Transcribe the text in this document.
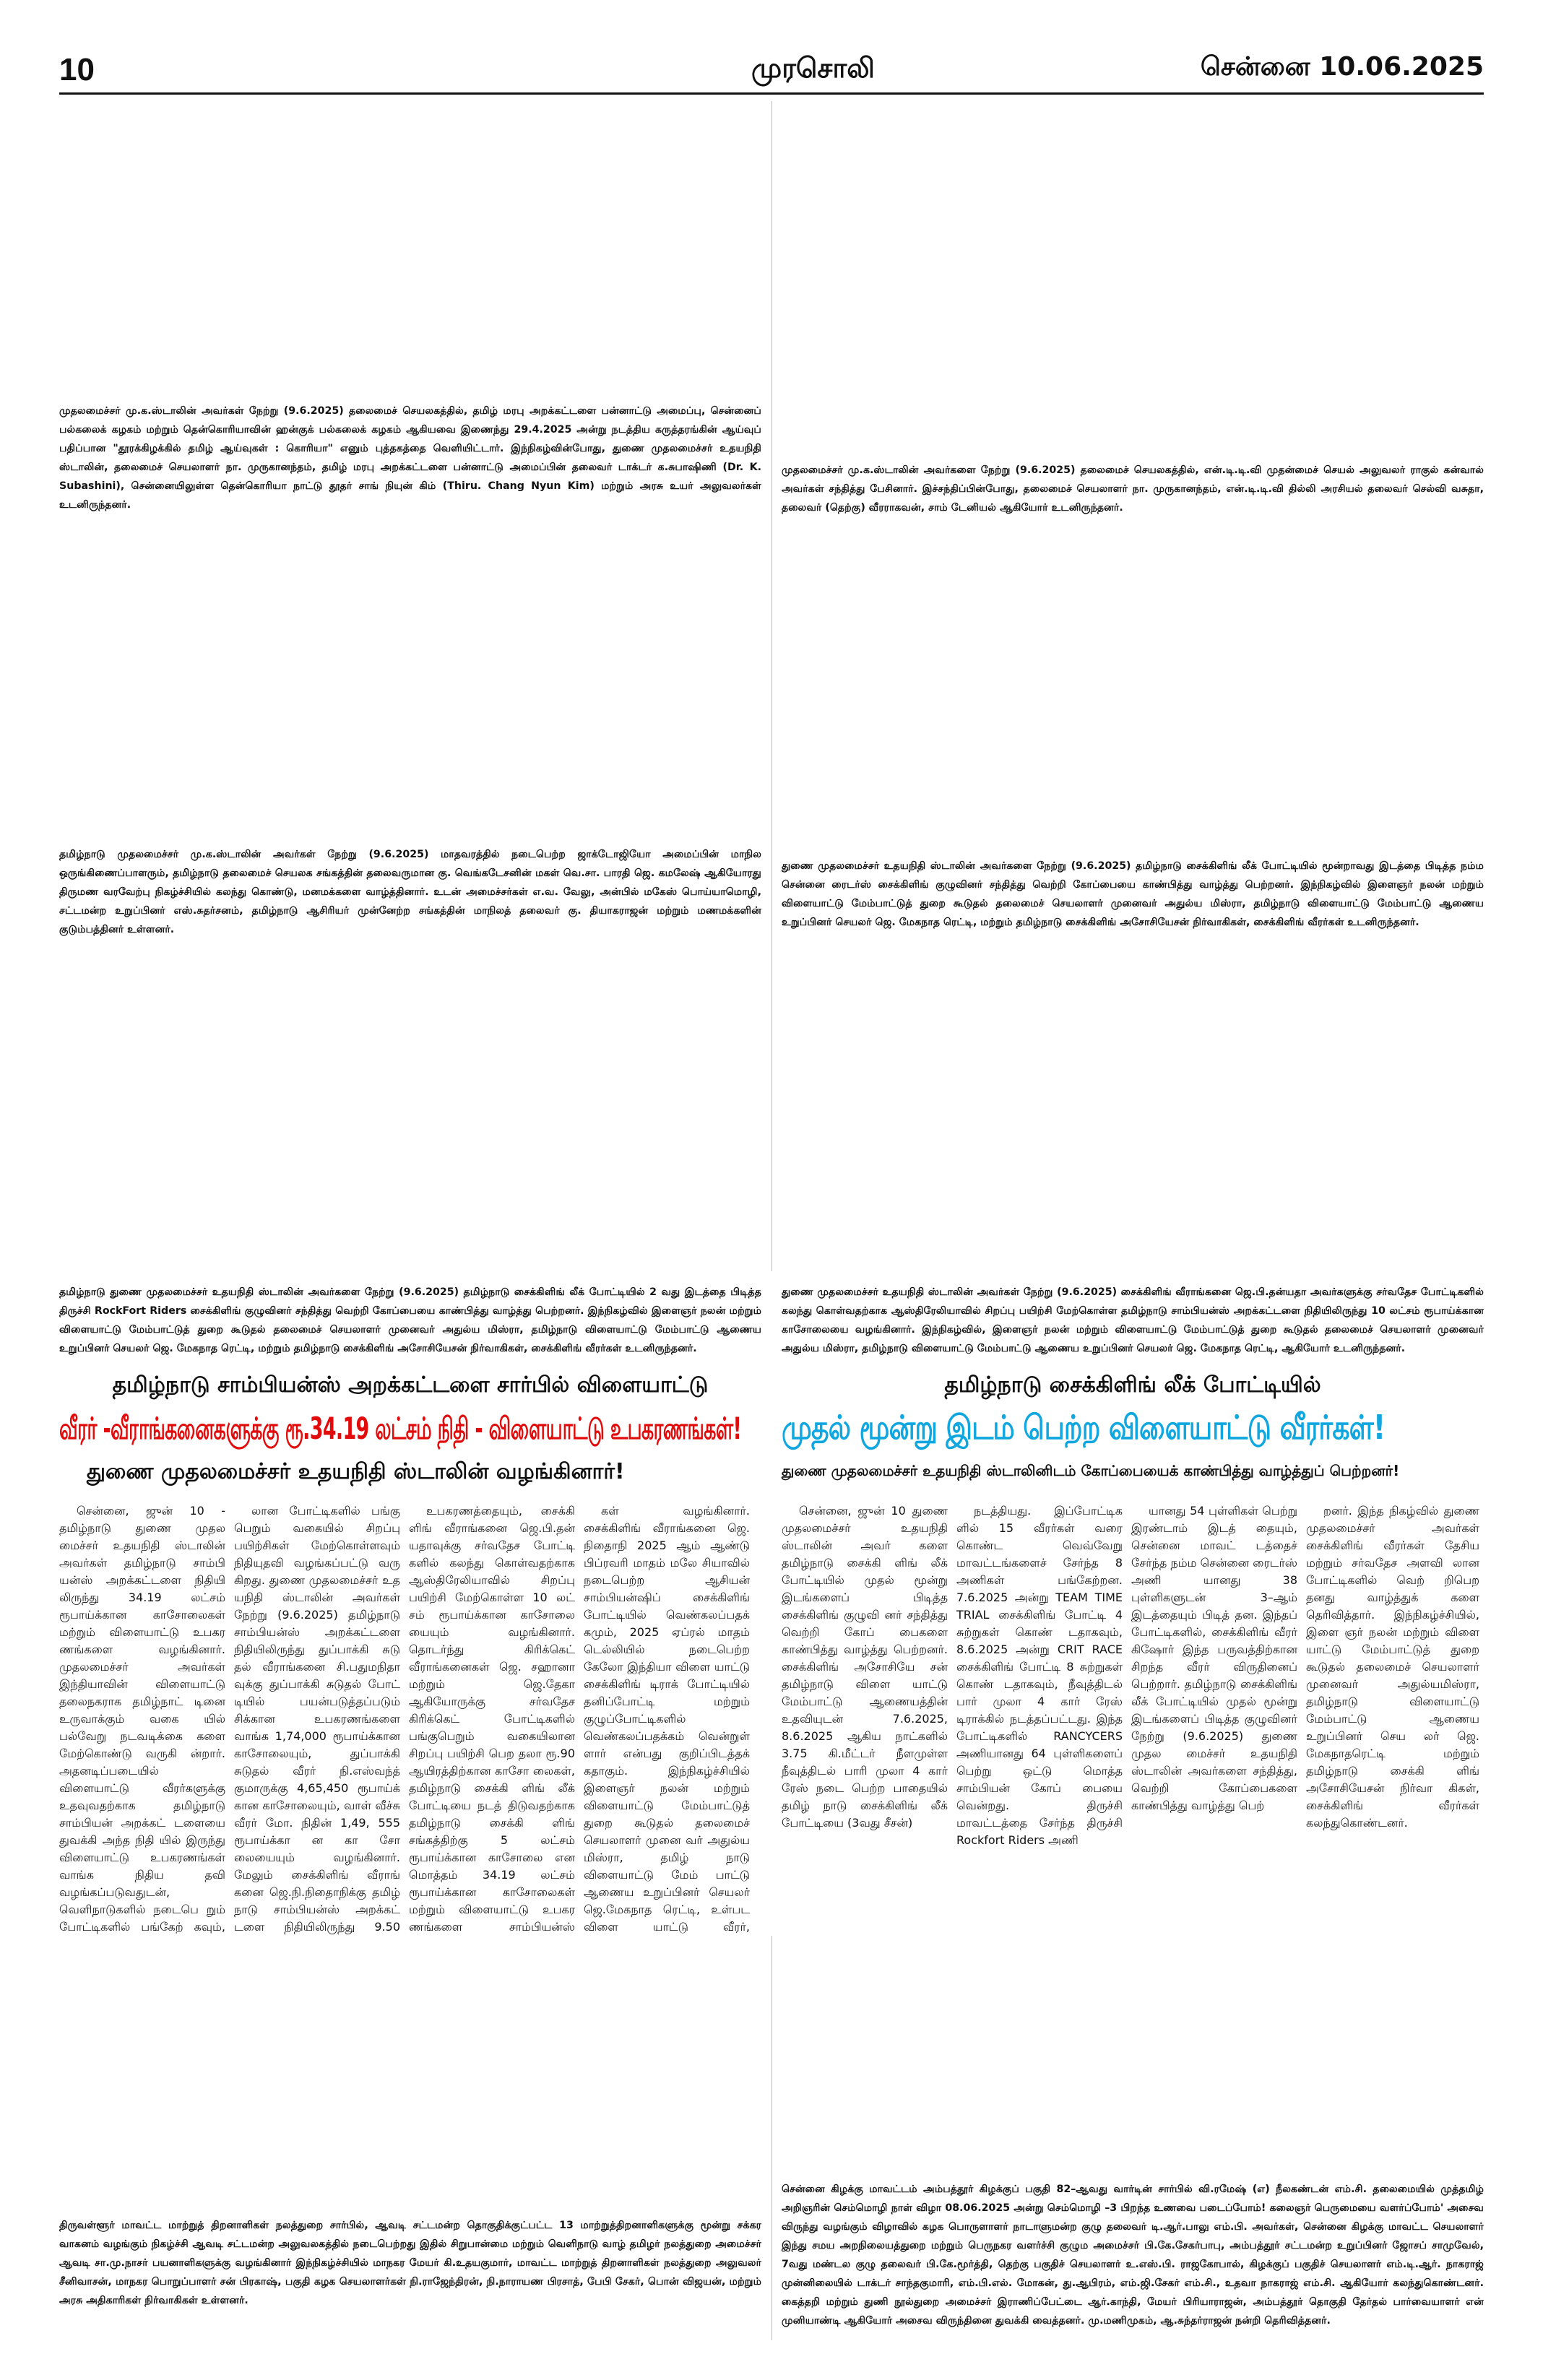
10	முரசொலி	சென்னை 10.06.2025
முதலமைச்சர் மு.க.ஸ்டாலின் அவர்கள் நேற்று (9.6.2025) தலைமைச் செயலகத்தில், தமிழ் மரபு அறக்கட்டளை பன்னாட்டு அமைப்பு, சென்னைப் பல்கலைக் கழகம் மற்றும் தென்கொரியாவின் ஹன்குக் பல்கலைக் கழகம் ஆகியவை இணைந்து 29.4.2025 அன்று நடத்திய கருத்தரங்கின் ஆய்வுப் பதிப்பான "தூரக்கிழக்கில் தமிழ் ஆய்வுகள் : கொரியா" எனும் புத்தகத்தை வெளியிட்டார். இந்நிகழ்வின்போது, துணை முதலமைச்சர் உதயநிதி ஸ்டாலின், தலைமைச் செயலாளர் நா. முருகானந்தம், தமிழ் மரபு அறக்கட்டளை பன்னாட்டு அமைப்பின் தலைவர் டாக்டர் க.சுபாஷிணி (Dr. K. Subashini), சென்னையிலுள்ள தென்கொரியா நாட்டு தூதர் சாங் நியுன் கிம் (Thiru. Chang Nyun Kim) மற்றும் அரசு உயர் அலுவலர்கள் உடனிருந்தனர்.
முதலமைச்சர் மு.க.ஸ்டாலின் அவர்களை நேற்று (9.6.2025) தலைமைச் செயலகத்தில், என்.டி.டி.வி முதன்மைச் செயல் அலுவலர் ராகுல் கன்வால் அவர்கள் சந்தித்து பேசினார். இச்சந்திப்பின்போது, தலைமைச் செயலாளர் நா. முருகானந்தம், என்.டி.டி.வி தில்லி அரசியல் தலைவர் செல்வி வசுதா, தலைவர் (தெற்கு) வீரராகவன், சாம் டேனியல் ஆகியோர் உடனிருந்தனர்.
தமிழ்நாடு முதலமைச்சர் மு.க.ஸ்டாலின் அவர்கள் நேற்று (9.6.2025) மாதவரத்தில் நடைபெற்ற ஜாக்டோஜியோ அமைப்பின் மாநில ஒருங்கிணைப்பாளரும், தமிழ்நாடு தலைமைச் செயலக சங்கத்தின் தலைவருமான கு. வெங்கடேசனின் மகள் வெ.சா. பாரதி ஜெ. கமலேஷ் ஆகியோரது திருமண வரவேற்பு நிகழ்ச்சியில் கலந்து கொண்டு, மனமக்களை வாழ்த்தினார். உடன் அமைச்சர்கள் எ.வ. வேலு, அன்பில் மகேஸ் பொய்யாமொழி, சட்டமன்ற உறுப்பினர் எஸ்.சுதர்சனம், தமிழ்நாடு ஆசிரியர் முன்னேற்ற சங்கத்தின் மாநிலத் தலைவர் கு. தியாகராஜன் மற்றும் மணமக்களின் குடும்பத்தினர் உள்ளனர்.
துணை முதலமைச்சர் உதயநிதி ஸ்டாலின் அவர்களை நேற்று (9.6.2025) தமிழ்நாடு சைக்கிளிங் லீக் போட்டியில் மூன்றாவது இடத்தை பிடித்த நம்ம சென்னை ரைடர்ஸ் சைக்கிளிங் குழுவினர் சந்தித்து வெற்றி கோப்பையை காண்பித்து வாழ்த்து பெற்றனர். இந்நிகழ்வில் இளைஞர் நலன் மற்றும் விளையாட்டு மேம்பாட்டுத் துறை கூடுதல் தலைமைச் செயலாளர் முனைவர் அதுல்ய மிஸ்ரா, தமிழ்நாடு விளையாட்டு மேம்பாட்டு ஆணைய உறுப்பினர் செயலர் ஜெ. மேகநாத ரெட்டி, மற்றும் தமிழ்நாடு சைக்கிளிங் அசோசியேசன் நிர்வாகிகள், சைக்கிளிங் வீரர்கள் உடனிருந்தனர்.
தமிழ்நாடு துணை முதலமைச்சர் உதயநிதி ஸ்டாலின் அவர்களை நேற்று (9.6.2025) தமிழ்நாடு சைக்கிளிங் லீக் போட்டியில் 2 வது இடத்தை பிடித்த திருச்சி RockFort Riders சைக்கிளிங் குழுவினர் சந்தித்து வெற்றி கோப்பையை காண்பித்து வாழ்த்து பெற்றனர். இந்நிகழ்வில் இளைஞர் நலன் மற்றும் விளையாட்டு மேம்பாட்டுத் துறை கூடுதல் தலைமைச் செயலாளர் முனைவர் அதுல்ய மிஸ்ரா, தமிழ்நாடு விளையாட்டு மேம்பாட்டு ஆணைய உறுப்பினர் செயலர் ஜெ. மேகநாத ரெட்டி, மற்றும் தமிழ்நாடு சைக்கிளிங் அசோசியேசன் நிர்வாகிகள், சைக்கிளிங் வீரர்கள் உடனிருந்தனர்.
துணை முதலமைச்சர் உதயநிதி ஸ்டாலின் அவர்கள் நேற்று (9.6.2025) சைக்கிளிங் வீராங்கனை ஜெ.பி.தன்யதா அவர்களுக்கு சர்வதேச போட்டிகளில் கலந்து கொள்வதற்காக ஆஸ்திரேலியாவில் சிறப்பு பயிற்சி மேற்கொள்ள தமிழ்நாடு சாம்பியன்ஸ் அறக்கட்டளை நிதியிலிருந்து 10 லட்சம் ரூபாய்க்கான காசோலையை வழங்கினார். இந்நிகழ்வில், இளைஞர் நலன் மற்றும் விளையாட்டு மேம்பாட்டுத் துறை கூடுதல் தலைமைச் செயலாளர் முனைவர் அதுல்ய மிஸ்ரா, தமிழ்நாடு விளையாட்டு மேம்பாட்டு ஆணைய உறுப்பினர் செயலர் ஜெ. மேகநாத ரெட்டி, ஆகியோர் உடனிருந்தனர்.
தமிழ்நாடு சாம்பியன்ஸ் அறக்கட்டளை சார்பில் விளையாட்டு
வீரர் -வீராங்கனைகளுக்கு ரூ.34.19 லட்சம் நிதி - விளையாட்டு உபகரணங்கள்!
துணை முதலமைச்சர் உதயநிதி ஸ்டாலின் வழங்கினார்!

சென்னை, ஜுன் 10 - தமிழ்நாடு துணை முதல மைச்சர் உதயநிதி ஸ்டாலின் அவர்கள் தமிழ்நாடு சாம்பி யன்ஸ் அறக்கட்டளை நிதியி லிருந்து 34.19 லட்சம் ரூபாய்க்கான காசோலைகள் மற்றும் விளையாட்டு உபகர ணங்களை வழங்கினார். முதலமைச்சர் அவர்கள் இந்தியாவின் விளையாட்டு தலைநகராக தமிழ்நாட் டினை உருவாக்கும் வகை யில் பல்வேறு நடவடிக்கை களை மேற்கொண்டு வருகி ன்றார். அதனடிப்படையில் விளையாட்டு வீரர்களுக்கு உதவுவதற்காக தமிழ்நாடு சாம்பியன் அறக்கட் டளையை துவக்கி அந்த நிதி யில் இருந்து விளையாட்டு உபகரணங்கள் வாங்க நிதிய தவி வழங்கப்படுவதுடன், வெளிநாடுகளில் நடைபெ றும் போட்டிகளில் பங்கேற் கவும்,

லான போட்டிகளில் பங்கு பெறும் வகையில் சிறப்பு பயிற்சிகள் மேற்கொள்ளவும் நிதியுதவி வழங்கப்பட்டு வரு கிறது. துணை முதலமைச்சர் உத யநிதி ஸ்டாலின் அவர்கள் நேற்று (9.6.2025) தமிழ்நாடு சாம்பியன்ஸ் அறக்கட்டளை நிதியிலிருந்து துப்பாக்கி சுடு தல் வீராங்கனை சி.பதுமநிதா வுக்கு துப்பாக்கி சுடுதல் போட் டியில் பயன்படுத்தப்படும் சிக்கான உபகரணங்களை வாங்க 1,74,000 ரூபாய்க்கான காசோலையும், துப்பாக்கி சுடுதல் வீரர் நி.எஸ்வந்த் குமாருக்கு 4,65,450 ரூபாய்க் கான காசோலையும், வாள் வீச்சு வீரர் மோ. நிதின் 1,49, 555 ரூபாய்க்கா ன கா சோ லையையும் வழங்கினார். மேலும் சைக்கிளிங் வீராங் கனை ஜெ.நி.நிதைாநிக்கு தமிழ் நாடு சாம்பியன்ஸ் அறக்கட் டளை நிதியிலிருந்து 9.50

உபகரணத்தையும், சைக்கி ளிங் வீராங்கனை ஜெ.பி.தன் யதாவுக்கு சர்வதேச போட்டி களில் கலந்து கொள்வதற்காக ஆஸ்திரேலியாவில் சிறப்பு பயிற்சி மேற்கொள்ள 10 லட் சம் ரூபாய்க்கான காசோலை யையும் வழங்கினார். தொடர்ந்து கிரிக்கெட் வீராங்கனைகள் ஜெ. சஹானா மற்றும் ஜெ.தேகா ஆகியோருக்கு சர்வதேச கிரிக்கெட் போட்டிகளில் பங்குபெறும் வகையிலான சிறப்பு பயிற்சி பெற தலா ரூ.90 ஆயிரத்திற்கான காசோ லைகள், தமிழ்நாடு சைக்கி ளிங் லீக் போட்டியை நடத் திடுவதற்காக தமிழ்நாடு சைக்கி ளிங் சங்கத்திற்கு 5 லட்சம் ரூபாய்க்கான காசோலை என மொத்தம் 34.19 லட்சம் ரூபாய்க்கான காசோலைகள் மற்றும் விளையாட்டு உபகர ணங்களை சாம்பியன்ஸ்

கள் வழங்கினார். சைக்கிளிங் வீராங்கனை ஜெ. நிதைாநி 2025 ஆம் ஆண்டு பிப்ரவரி மாதம் மலே சியாவில் நடைபெற்ற ஆசியன் சாம்பியன்ஷிப் சைக்கிளிங் போட்டியில் வெண்கலப்பதக் கமும், 2025 ஏப்ரல் மாதம் டெல்லியில் நடைபெற்ற கேலோ இந்தியா விளை யாட்டு சைக்கிளிங் டிராக் போட்டியில் தனிப்போட்டி மற்றும் குழுப்போட்டிகளில் வெண்கலப்பதக்கம் வென்றுள் ளார் என்பது குறிப்பிடத்தக் கதாகும். இந்நிகழ்ச்சியில் இளைஞர் நலன் மற்றும் விளையாட்டு மேம்பாட்டுத் துறை கூடுதல் தலைமைச் செயலாளர் முனை வர் அதுல்ய மிஸ்ரா, தமிழ் நாடு விளையாட்டு மேம் பாட்டு ஆணைய உறுப்பினர் செயலர் ஜெ.மேகநாத ரெட்டி, உள்பட விளை யாட்டு வீரர்,

தமிழ்நாடு சைக்கிளிங் லீக் போட்டியில்
முதல் மூன்று இடம் பெற்ற விளையாட்டு வீரர்கள்!
துணை முதலமைச்சர் உதயநிதி ஸ்டாலினிடம் கோப்பையைக் காண்பித்து வாழ்த்துப் பெற்றனர்!

சென்னை, ஜுன் 10 துணை முதலமைச்சர் உதயநிதி ஸ்டாலின் அவர் களை தமிழ்நாடு சைக்கி ளிங் லீக் போட்டியில் முதல் மூன்று இடங்களைப் பிடித்த சைக்கிளிங் குழுவி னர் சந்தித்து வெற்றி கோப் பைகளை காண்பித்து வாழ்த்து பெற்றனர். சைக்கிளிங் அசோசியே சன் தமிழ்நாடு விளை யாட்டு மேம்பாட்டு ஆணையத்தின் உதவியுடன் 7.6.2025, 8.6.2025 ஆகிய நாட்களில் 3.75 கி.மீட்டர் நீளமுள்ள நீவுத்திடல் பாரி முலா 4 கார் ரேஸ் நடை பெற்ற பாதையில் தமிழ் நாடு சைக்கிளிங் லீக் போட்டியை (3வது சீசன்)

நடத்தியது. இப்போட்டிக ளில் 15 வீரர்கள் வரை கொண்ட வெவ்வேறு மாவட்டங்களைச் சேர்ந்த 8 அணிகள் பங்கேற்றன. 7.6.2025 அன்று TEAM TIME TRIAL சைக்கிளிங் போட்டி 4 சுற்றுகள் கொண் டதாகவும், 8.6.2025 அன்று CRIT RACE சைக்கிளிங் போட்டி 8 சுற்றுகள் கொண் டதாகவும், நீவுத்திடல் பார் முலா 4 கார் ரேஸ் டிராக்கில் நடத்தப்பட்டது. இந்த போட்டிகளில் RANCYCERS அணியானது 64 புள்ளிகளைப் பெற்று ஒட்டு மொத்த சாம்பியன் கோப் பையை வென்றது. திருச்சி மாவட்டத்தை சேர்ந்த திருச்சி Rockfort Riders அணி

யானது 54 புள்ளிகள் பெற்று இரண்டாம் இடத் தையும், சென்னை மாவட் டத்தைச் சேர்ந்த நம்ம சென்னை ரைடர்ஸ் அணி யானது 38 புள்ளிகளுடன் 3–ஆம் இடத்தையும் பிடித் தன. இந்தப் போட்டிகளில், சைக்கிளிங் வீரர் கிஷோர் இந்த பருவத்திற்கான சிறந்த வீரர் விருதினைப் பெற்றார். தமிழ்நாடு சைக்கிளிங் லீக் போட்டியில் முதல் மூன்று இடங்களைப் பிடித்த குழுவினர் நேற்று (9.6.2025) துணை முதல மைச்சர் உதயநிதி ஸ்டாலின் அவர்களை சந்தித்து, வெற்றி கோப்பைகளை காண்பித்து வாழ்த்து பெற்

றனர். இந்த நிகழ்வில் துணை முதலமைச்சர் அவர்கள் சைக்கிளிங் வீரர்கள் தேசிய மற்றும் சர்வதேச அளவி லான போட்டிகளில் வெற் றிபெற தனது வாழ்த்துக் களை தெரிவித்தார். இந்நிகழ்ச்சியில், இளை ஞர் நலன் மற்றும் விளை யாட்டு மேம்பாட்டுத் துறை கூடுதல் தலைமைச் செயலாளர் முனைவர் அதுல்யமிஸ்ரா, தமிழ்நாடு விளையாட்டு மேம்பாட்டு ஆணைய உறுப்பினர் செய லர் ஜெ. மேகநாதரெட்டி மற்றும் தமிழ்நாடு சைக்கி ளிங் அசோசியேசன் நிர்வா கிகள், சைக்கிளிங் வீரர்கள் கலந்துகொண்டனர்.

திருவள்ளூர் மாவட்ட மாற்றுத் திறனாளிகள் நலத்துறை சார்பில், ஆவடி சட்டமன்ற தொகுதிக்குட்பட்ட 13 மாற்றுத்திறனாளிகளுக்கு மூன்று சக்கர வாகனம் வழங்கும் நிகழ்ச்சி ஆவடி சட்டமன்ற அலுவலகத்தில் நடைபெற்றது இதில் சிறுபான்மை மற்றும் வெளிநாடு வாழ் தமிழர் நலத்துறை அமைச்சர் ஆவடி சா.மு.நாசர் பயனாளிகளுக்கு வழங்கினார் இந்நிகழ்ச்சியில் மாநகர மேயர் கி.உதயகுமார், மாவட்ட மாற்றுத் திறனாளிகள் நலத்துறை அலுவலர் சீனிவாசன், மாநகர பொறுப்பாளர் சன் பிரகாஷ், பகுதி கழக செயலாளர்கள் நி.ராஜேந்திரன், நி.நாராயண பிரசாத், பேபி சேகர், பொன் விஜயன், மற்றும் அரசு அதிகாரிகள் நிர்வாகிகள் உள்ளனர்.
சென்னை கிழக்கு மாவட்டம் அம்பத்தூர் கிழக்குப் பகுதி 82–ஆவது வார்டின் சார்பில் வி.ரமேஷ் (எ) நீலகண்டன் எம்.சி. தலைமையில் முத்தமிழ் அறிஞரின் செம்மொழி நாள் விழா 08.06.2025 அன்று செம்மொழி –3 பிறந்த உணவை படைப்போம்! கலைஞர் பெருமையை வளர்ப்போம்' அசைவ விருந்து வழங்கும் விழாவில் கழக பொருளாளர் நாடாளுமன்ற குழு தலைவர் டி.ஆர்.பாலு எம்.பி. அவர்கள், சென்னை கிழக்கு மாவட்ட செயலாளர் இந்து சமய அறநிலையத்துறை மற்றும் பெருநகர வளர்ச்சி குழும அமைச்சர் பி.கே.சேகர்பாபு, அம்பத்தூர் சட்டமன்ற உறுப்பினர் ஜோசப் சாமுவேல், 7வது மண்டல குழு தலைவர் பி.கே.மூர்த்தி, தெற்கு பகுதிச் செயலாளர் உ.எஸ்.பி. ராஜகோபால், கிழக்குப் பகுதிச் செயலாளர் எம்.டி.ஆர். நாகராஜ் முன்னிலையில் டாக்டர் சாந்தகுமாரி, எம்.பி.எல். மோகன், து.ஆபிரம், எம்.ஜி.சேகர் எம்.சி., உதவா நாகராஜ் எம்.சி. ஆகியோர் கலந்துகொண்டனர். கைத்தறி மற்றும் துணி நூல்துறை அமைச்சர் இராணிப்பேட்டை ஆர்.காந்தி, மேயர் பிரியாராஜன், அம்பத்தூர் தொகுதி தேர்தல் பார்வையாளர் என் முனியாண்டி ஆகியோர் அசைவ விருந்தினை துவக்கி வைத்தனர். மு.மணிமுகம், ஆ.சுந்தர்ராஜன் நன்றி தெரிவித்தனர்.
